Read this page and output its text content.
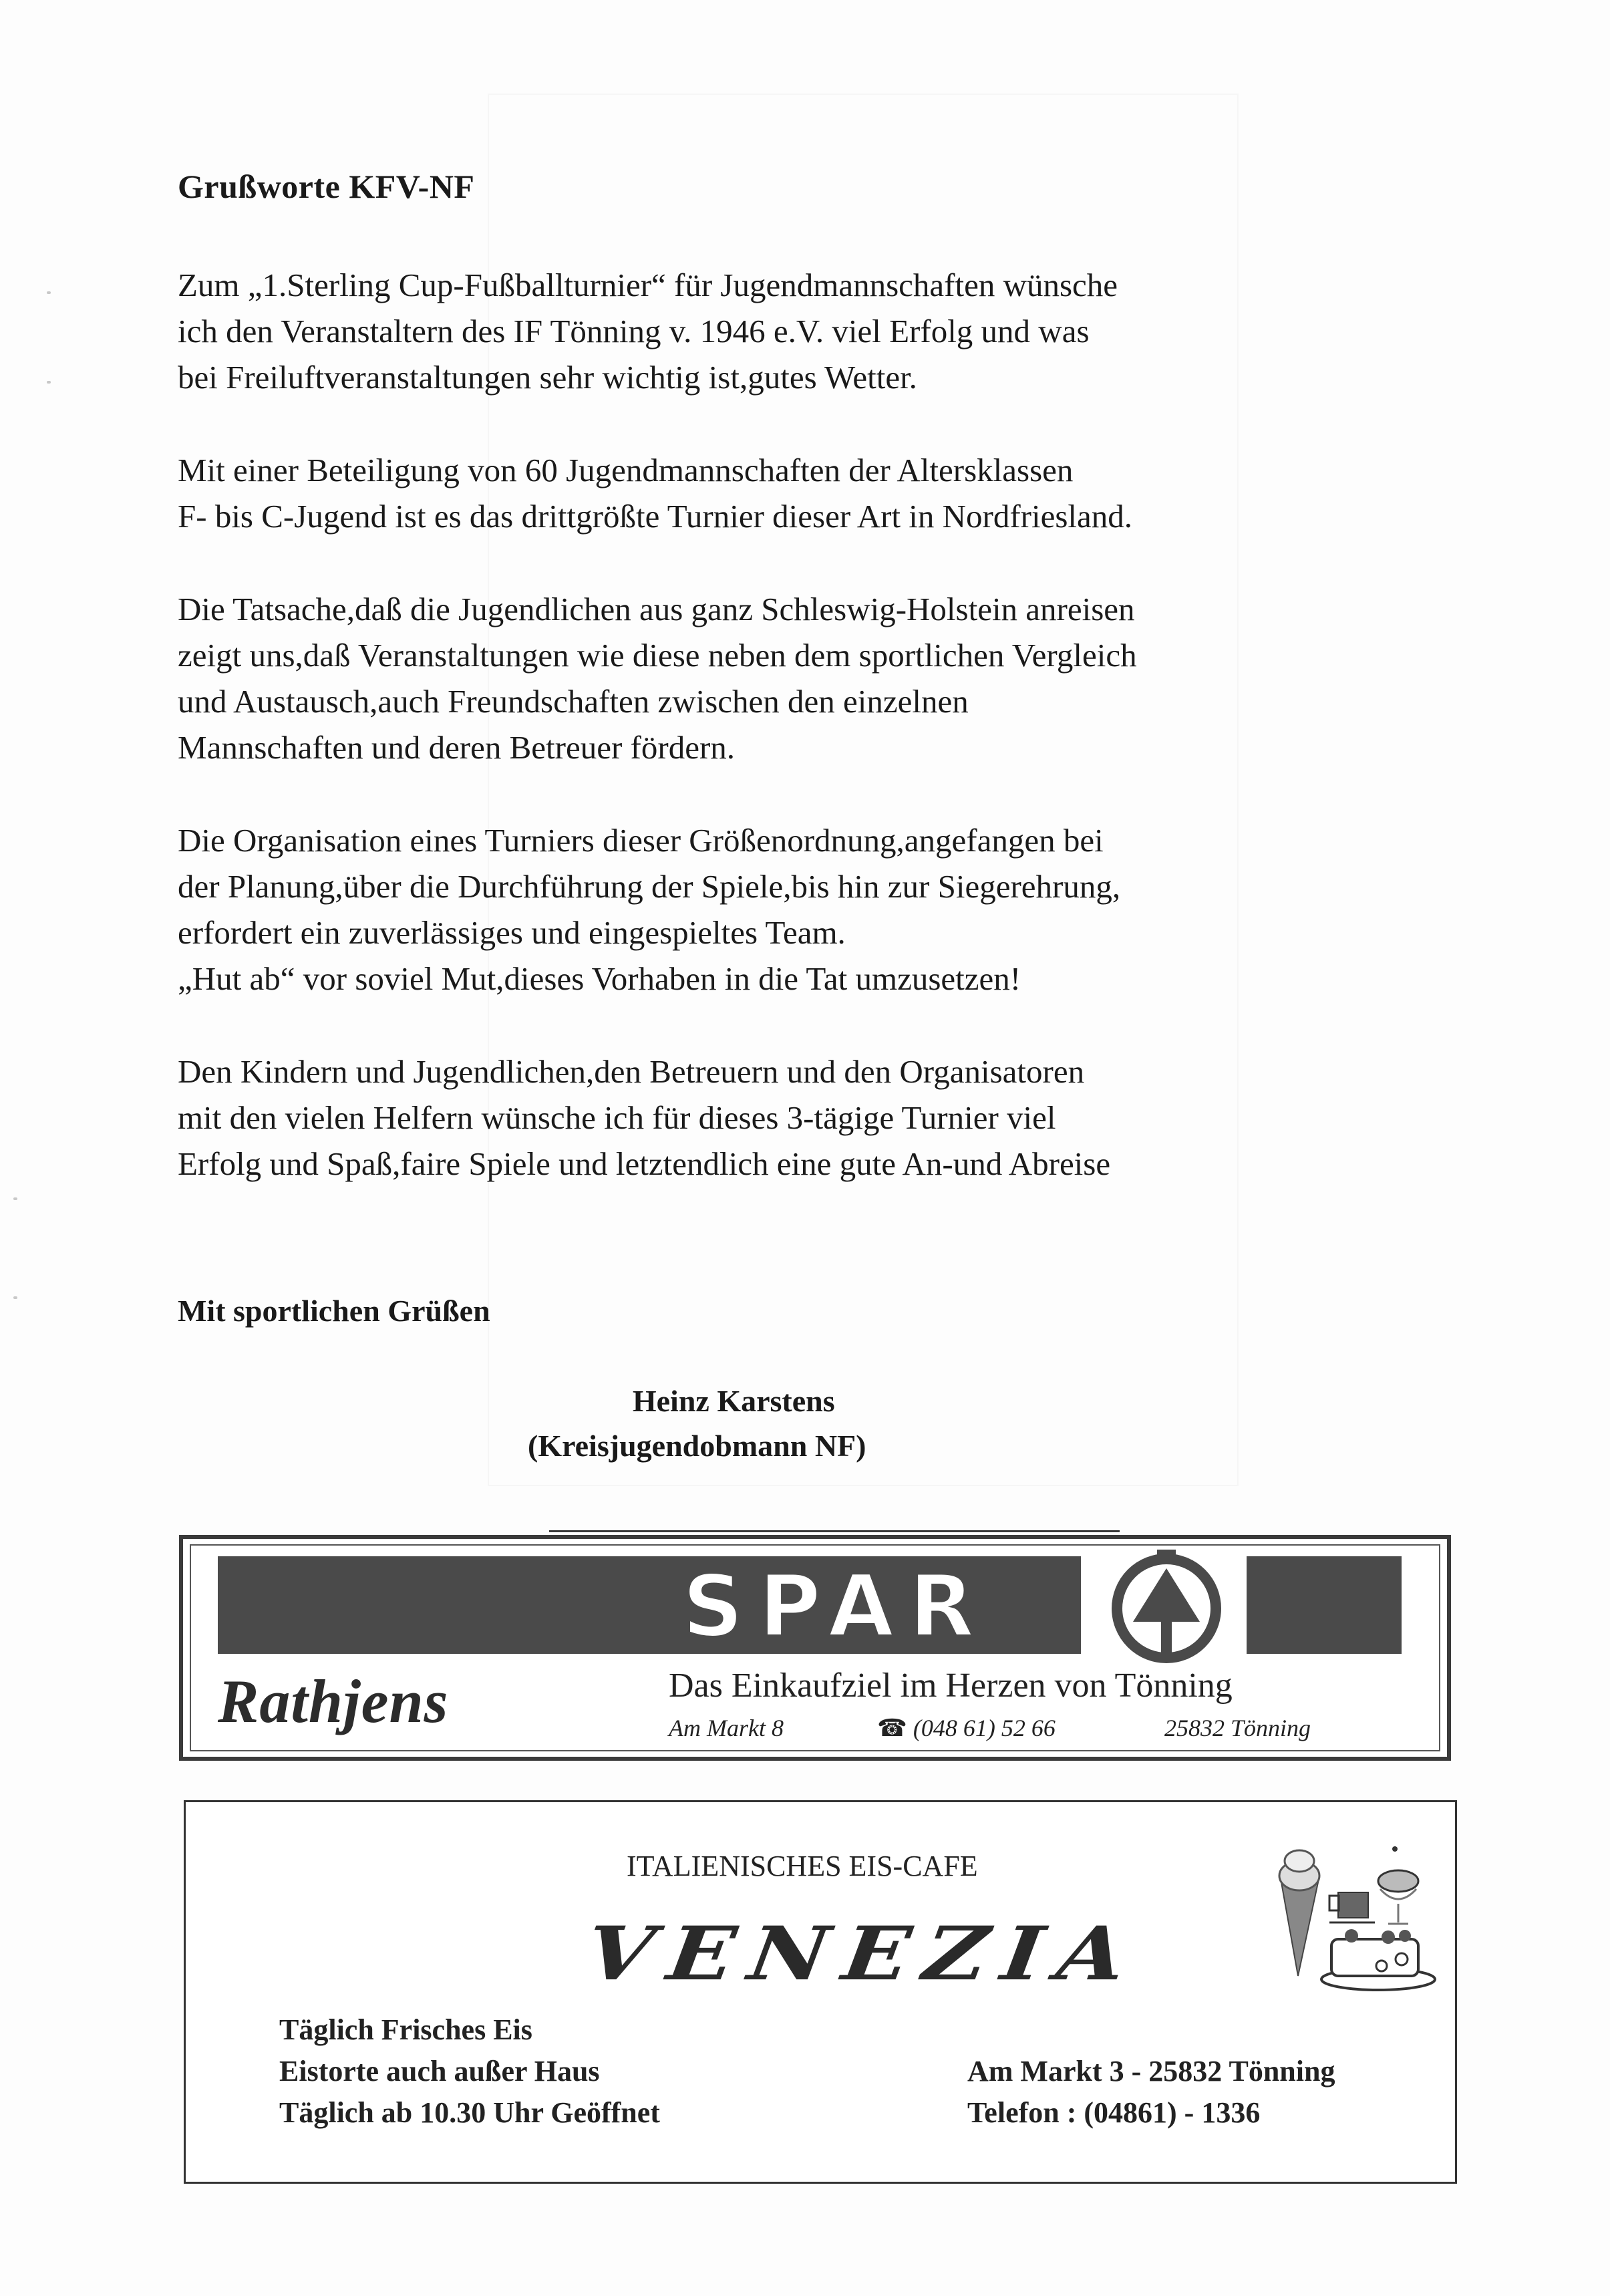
Grußworte KFV-NF

Zum „1.Sterling Cup-Fußballturnier“ für Jugendmannschaften wünsche
ich den Veranstaltern des IF Tönning v. 1946 e.V. viel Erfolg und was
bei Freiluftveranstaltungen sehr wichtig ist,gutes Wetter.

Mit einer Beteiligung von 60 Jugendmannschaften der Altersklassen
F- bis C-Jugend ist es das drittgrößte Turnier dieser Art in Nordfriesland.

Die Tatsache,daß die Jugendlichen aus ganz Schleswig-Holstein anreisen
zeigt uns,daß Veranstaltungen wie diese neben dem sportlichen Vergleich
und Austausch,auch Freundschaften zwischen den einzelnen
Mannschaften und deren Betreuer fördern.

Die Organisation eines Turniers dieser Größenordnung,angefangen bei
der Planung,über die Durchführung der Spiele,bis hin zur Siegerehrung,
erfordert ein zuverlässiges und eingespieltes Team.
„Hut ab“ vor soviel Mut,dieses Vorhaben in die Tat umzusetzen!

Den Kindern und Jugendlichen,den Betreuern und den Organisatoren
mit den vielen Helfern wünsche ich für dieses 3-tägige Turnier viel
Erfolg und Spaß,faire Spiele und letztendlich eine gute An-und Abreise

Mit sportlichen Grüßen
Heinz Karstens
(Kreisjugendobmann NF)
SPAR
Rathjens	Das Einkaufziel im Herzen von Tönning
Am Markt 8	☎ (048 61) 52 66	25832 Tönning
ITALIENISCHES EIS-CAFE
VENEZIA
Täglich Frisches Eis
Eistorte auch außer Haus
Täglich ab 10.30 Uhr Geöffnet
Am Markt 3 - 25832 Tönning
Telefon : (04861) - 1336
